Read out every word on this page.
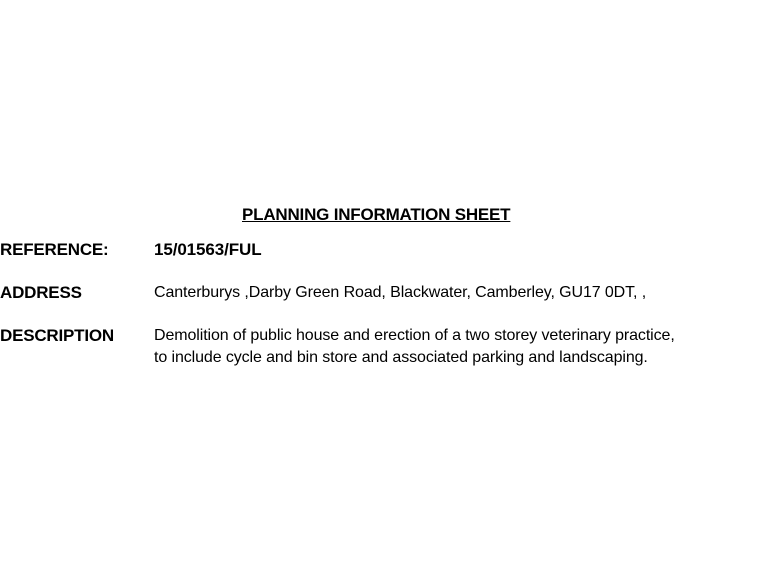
PLANNING INFORMATION SHEET
REFERENCE:	15/01563/FUL
ADDRESS	Canterburys ,Darby Green Road, Blackwater, Camberley, GU17 0DT, ,
DESCRIPTION	Demolition of public house and erection of a two storey veterinary practice,
to include cycle and bin store and associated parking and landscaping.
